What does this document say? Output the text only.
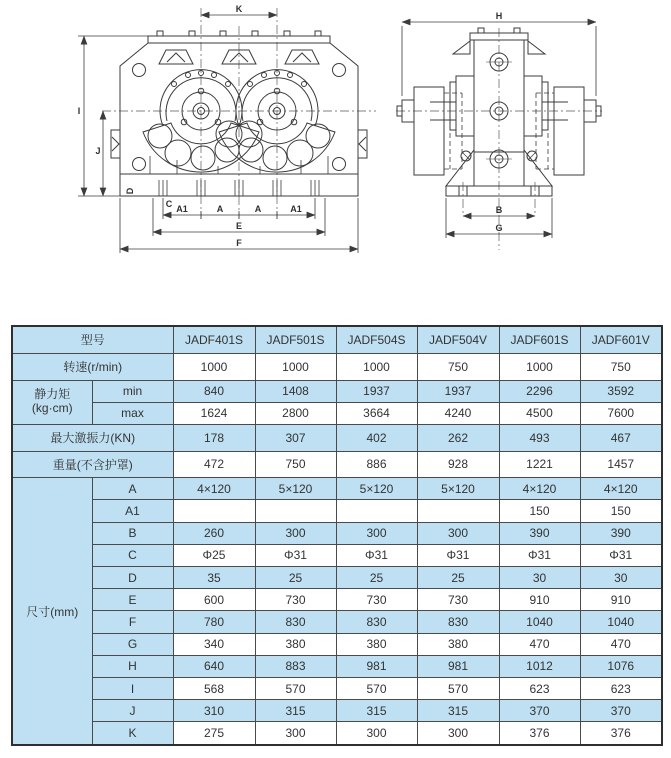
K
I
J
D
C A1	A	A	A1
E
F
H
B
G
型号		JADF401S	JADF501S	JADF504S	JADF504V	JADF601S	JADF601V
转速(r/min)		1000	1000	1000	750	1000	750
静力矩
(kg·cm)	min	840	1408	1937	1937	2296	3592
	max	1624	2800	3664	4240	4500	7600
最大激振力(KN)		178	307	402	262	493	467
重量(不含护罩)		472	750	886	928	1221	1457
尺寸(mm)	A	4×120	5×120	5×120	5×120	4×120	4×120
	A1					150	150
	B	260	300	300	300	390	390
	C	Φ25	Φ31	Φ31	Φ31	Φ31	Φ31
	D	35	25	25	25	30	30
	E	600	730	730	730	910	910
	F	780	830	830	830	1040	1040
	G	340	380	380	380	470	470
	H	640	883	981	981	1012	1076
	I	568	570	570	570	623	623
	J	310	315	315	315	370	370
	K	275	300	300	300	376	376
